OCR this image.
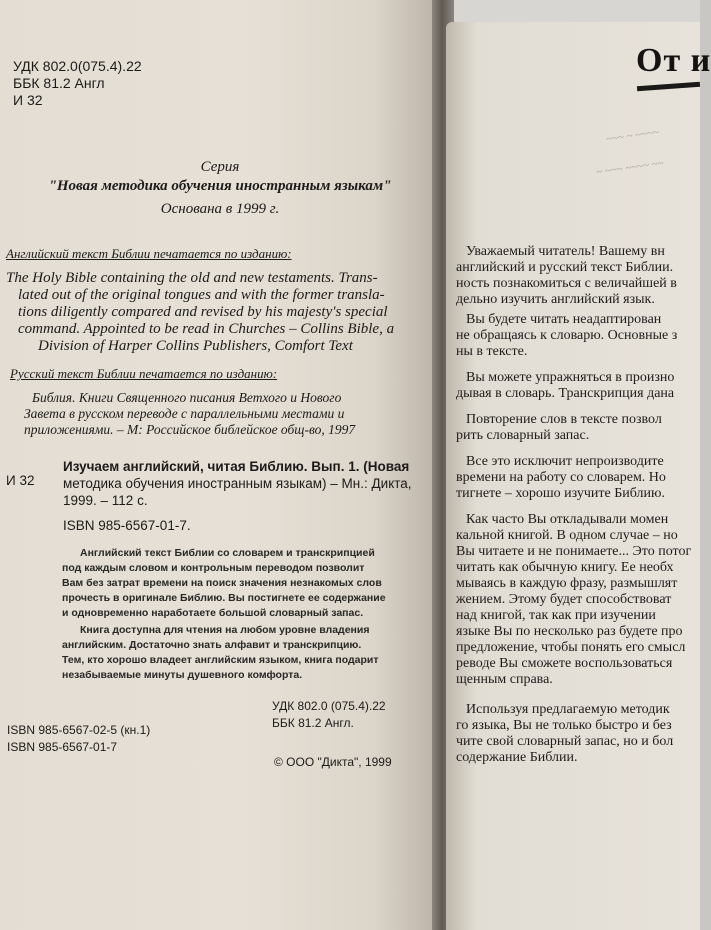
УДК 802.0(075.4).22
ББК 81.2 Англ
И 32
Серия
"Новая методика обучения иностранным языкам"
Основана в 1999 г.
Английский текст Библии печатается по изданию:
The Holy Bible containing the old and new testaments. Trans-
lated out of the original tongues and with the former transla-
tions diligently compared and revised by his majesty's special
command. Appointed to be read in Churches – Collins Bible, a
Division of Harper Collins Publishers, Comfort Text
Русский текст Библии печатается по изданию:
Библия. Книги Священного писания Ветхого и Нового
Завета в русском переводе с параллельными местами и
приложениями. – М: Российское библейское общ-во, 1997
И 32
Изучаем английский, читая Библию. Вып. 1. (Новая
методика обучения иностранным языкам) – Мн.: Дикта,
1999. – 112 с.
ISBN 985-6567-01-7.
Английский текст Библии со словарем и транскрипцией
под каждым словом и контрольным переводом позволит
Вам без затрат времени на поиск значения незнакомых слов
прочесть в оригинале Библию. Вы постигнете ее содержание
и одновременно наработаете большой словарный запас.
Книга доступна для чтения на любом уровне владения
английским. Достаточно знать алфавит и транскрипцию.
Тем, кто хорошо владеет английским языком, книга подарит
незабываемые минуты душевного комфорта.
УДК 802.0 (075.4).22
ББК 81.2 Англ.
ISBN 985-6567-02-5 (кн.1)
ISBN 985-6567-01-7
© ООО "Дикта", 1999
~~~ ~ ~~~~
~ ~~~ ~~~~ ~~
Уважаемый читатель! Вашему вн
английский и русский текст Библии.
ность познакомиться с величайшей в
дельно изучить английский язык.
Вы будете читать неадаптирован
не обращаясь к словарю. Основные з
ны в тексте.
Вы можете упражняться в произно
дывая в словарь. Транскрипция дана
Повторение слов в тексте позвол
рить словарный запас.
Все это исключит непроизводите
времени на работу со словарем. Но
тигнете – хорошо изучите Библию.
Как часто Вы откладывали момен
кальной книгой. В одном случае – но
Вы читаете и не понимаете... Это потог
читать как обычную книгу. Ее необх
мываясь в каждую фразу, размышлят
жением. Этому будет способствоват
над книгой, так как при изучении
языке Вы по несколько раз будете про
предложение, чтобы понять его смысл
реводе Вы сможете воспользоваться
щенным справа.
Используя предлагаемую методик
го языка, Вы не только быстро и без
чите свой словарный запас, но и бол
содержание Библии.
От и
